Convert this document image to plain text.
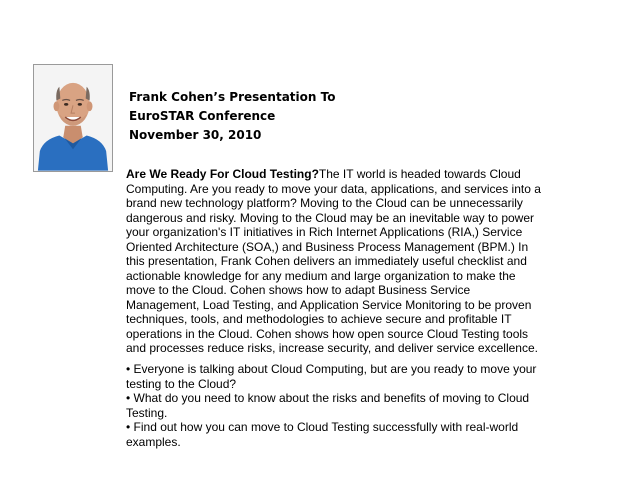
Frank Cohen’s Presentation To
EuroSTAR Conference
November 30, 2010
Are We Ready For Cloud Testing?The IT world is headed towards Cloud Computing. Are you ready to move your data, applications, and services into a brand new technology platform? Moving to the Cloud can be unnecessarily dangerous and risky. Moving to the Cloud may be an inevitable way to power your organization's IT initiatives in Rich Internet Applications (RIA,) Service Oriented Architecture (SOA,) and Business Process Management (BPM.) In this presentation, Frank Cohen delivers an immediately useful checklist and actionable knowledge for any medium and large organization to make the move to the Cloud. Cohen shows how to adapt Business Service Management, Load Testing, and Application Service Monitoring to be proven techniques, tools, and methodologies to achieve secure and profitable IT operations in the Cloud. Cohen shows how open source Cloud Testing tools and processes reduce risks, increase security, and deliver service excellence.
• Everyone is talking about Cloud Computing, but are you ready to move your testing to the Cloud?
• What do you need to know about the risks and benefits of moving to Cloud Testing.
• Find out how you can move to Cloud Testing successfully with real-world examples.
